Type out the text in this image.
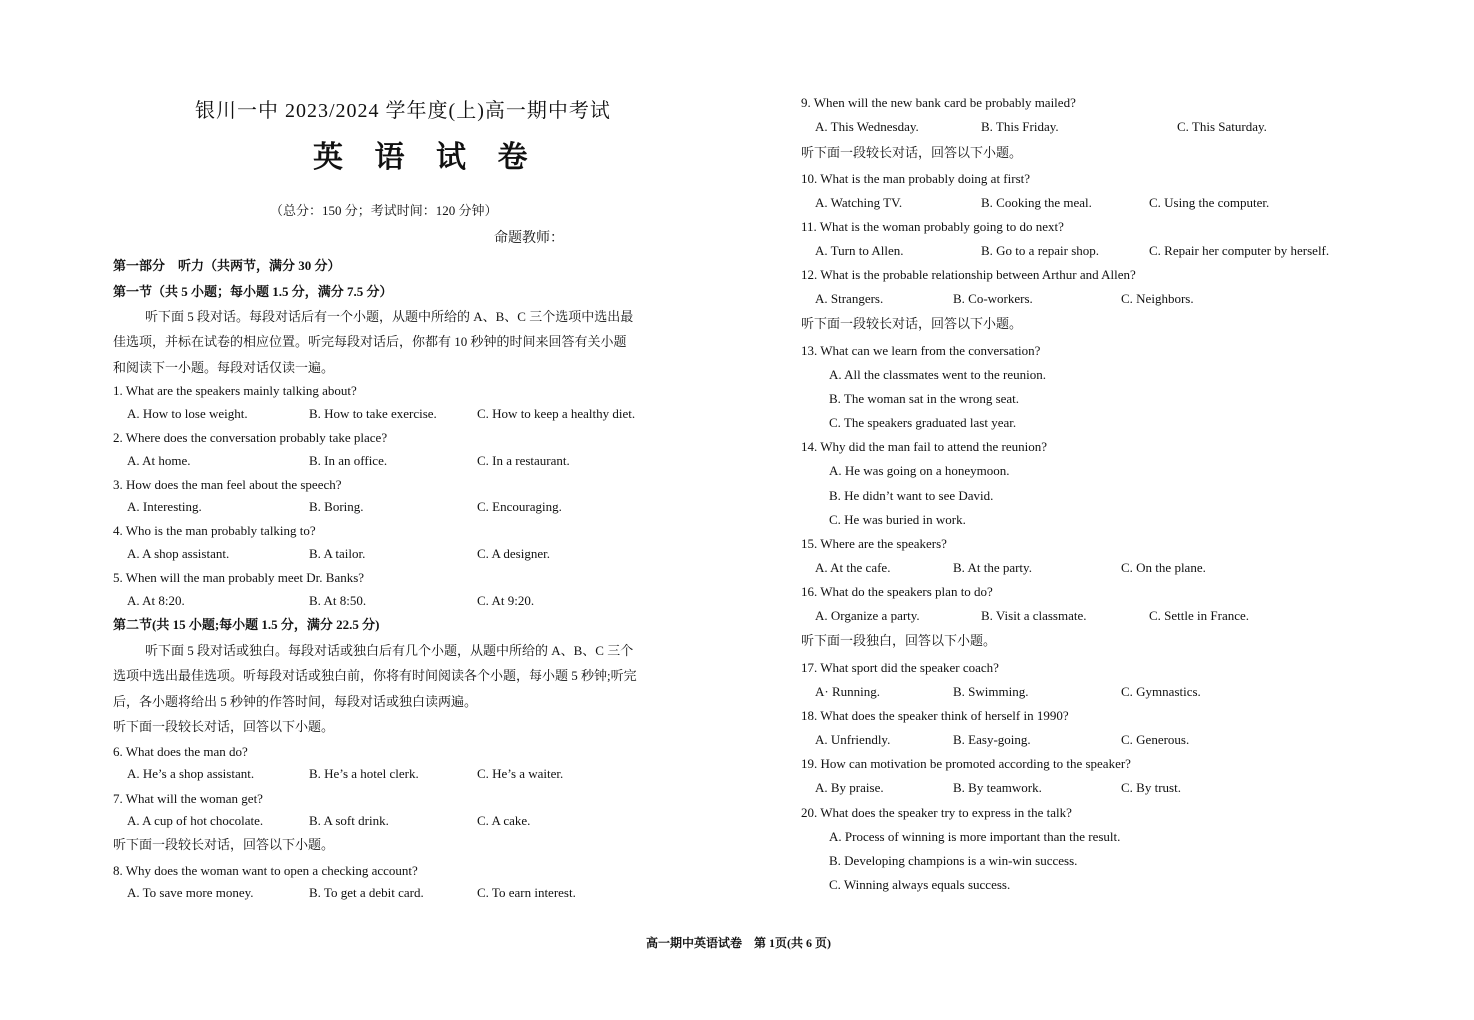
银川一中 2023/2024 学年度(上)高一期中考试
英 语 试 卷
（总分：150 分；考试时间：120 分钟）
命题教师：
第一部分　听力（共两节，满分 30 分）
第一节（共 5 小题；每小题 1.5 分，满分 7.5 分）
听下面 5 段对话。每段对话后有一个小题，从题中所给的 A、B、C 三个选项中选出最
佳选项，并标在试卷的相应位置。听完每段对话后，你都有 10 秒钟的时间来回答有关小题
和阅读下一小题。每段对话仅读一遍。
1. What are the speakers mainly talking about?
A. How to lose weight.	B. How to take exercise.	C. How to keep a healthy diet.
2. Where does the conversation probably take place?
A. At home.	B. In an office.	C. In a restaurant.
3. How does the man feel about the speech?
A. Interesting.	B. Boring.	C. Encouraging.
4. Who is the man probably talking to?
A. A shop assistant.	B. A tailor.	C. A designer.
5. When will the man probably meet Dr. Banks?
A. At 8:20.	B. At 8:50.	C. At 9:20.
第二节(共 15 小题;每小题 1.5 分，满分 22.5 分)
听下面 5 段对话或独白。每段对话或独白后有几个小题，从题中所给的 A、B、C 三个
选项中选出最佳选项。听每段对话或独白前，你将有时间阅读各个小题，每小题 5 秒钟;听完
后，各小题将给出 5 秒钟的作答时间，每段对话或独白读两遍。
听下面一段较长对话，回答以下小题。
6. What does the man do?
A. He’s a shop assistant.	B. He’s a hotel clerk.	C. He’s a waiter.
7. What will the woman get?
A. A cup of hot chocolate.	B. A soft drink.	C. A cake.
听下面一段较长对话，回答以下小题。
8. Why does the woman want to open a checking account?
A. To save more money.	B. To get a debit card.	C. To earn interest.
9. When will the new bank card be probably mailed?
A. This Wednesday.	B. This Friday.	C. This Saturday.
听下面一段较长对话，回答以下小题。
10. What is the man probably doing at first?
A. Watching TV.	B. Cooking the meal.	C. Using the computer.
11. What is the woman probably going to do next?
A. Turn to Allen.	B. Go to a repair shop.	C. Repair her computer by herself.
12. What is the probable relationship between Arthur and Allen?
A. Strangers.	B. Co-workers.	C. Neighbors.
听下面一段较长对话，回答以下小题。
13. What can we learn from the conversation?
A. All the classmates went to the reunion.
B. The woman sat in the wrong seat.
C. The speakers graduated last year.
14. Why did the man fail to attend the reunion?
A. He was going on a honeymoon.
B. He didn’t want to see David.
C. He was buried in work.
15. Where are the speakers?
A. At the cafe.	B. At the party.	C. On the plane.
16. What do the speakers plan to do?
A. Organize a party.	B. Visit a classmate.	C. Settle in France.
听下面一段独白，回答以下小题。
17. What sport did the speaker coach?
A· Running.	B. Swimming.	C. Gymnastics.
18. What does the speaker think of herself in 1990?
A. Unfriendly.	B. Easy-going.	C. Generous.
19. How can motivation be promoted according to the speaker?
A. By praise.	B. By teamwork.	C. By trust.
20. What does the speaker try to express in the talk?
A. Process of winning is more important than the result.
B. Developing champions is a win-win success.
C. Winning always equals success.
高一期中英语试卷　第 1页(共 6 页)
